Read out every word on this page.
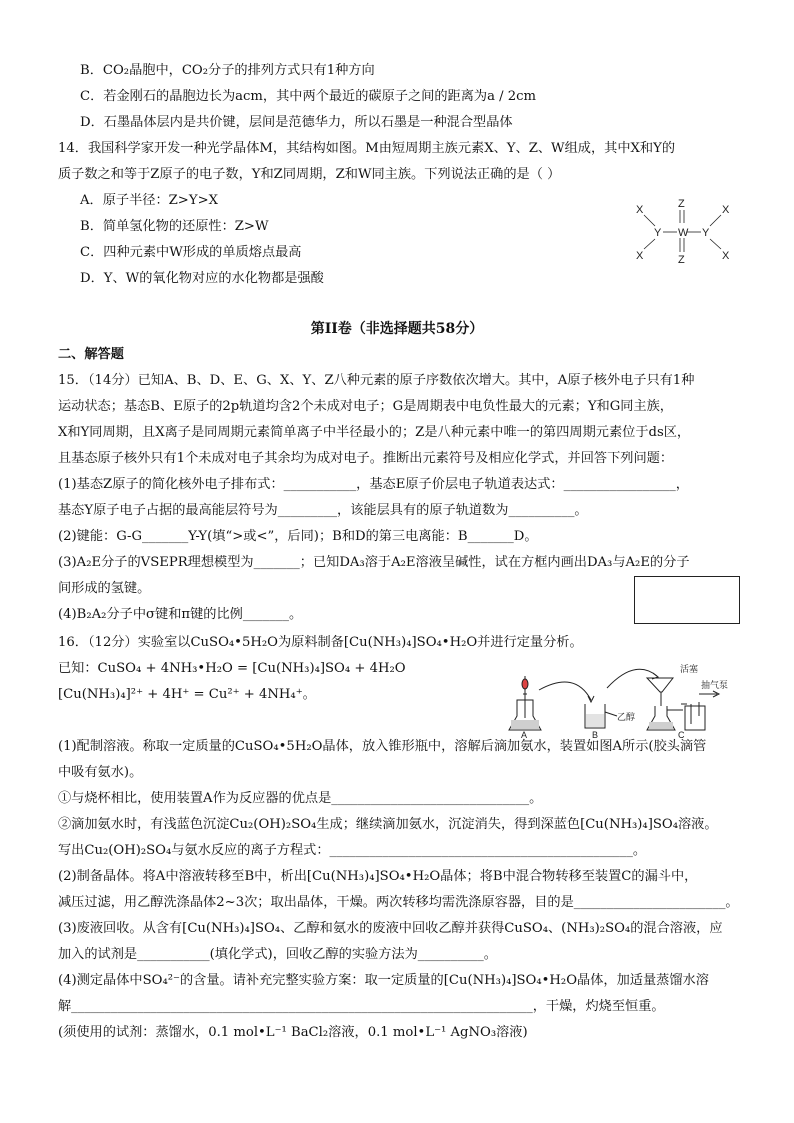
B．CO₂晶胞中，CO₂分子的排列方式只有1种方向
C．若金刚石的晶胞边长为acm，其中两个最近的碳原子之间的距离为a / 2cm
D．石墨晶体层内是共价键，层间是范德华力，所以石墨是一种混合型晶体
14．我国科学家开发一种光学晶体M，其结构如图。M由短周期主族元素X、Y、Z、W组成，其中X和Y的
质子数之和等于Z原子的电子数，Y和Z同周期，Z和W同主族。下列说法正确的是（ ）
A．原子半径：Z>Y>X
B．简单氢化物的还原性：Z>W
C．四种元素中W形成的单质熔点最高
D．Y、W的氧化物对应的水化物都是强酸
X
X
Y W Y
Z
Z
X
X
第II卷（非选择题共58分）
二、解答题
15．（14分）已知A、B、D、E、G、X、Y、Z八种元素的原子序数依次增大。其中，A原子核外电子只有1种
运动状态；基态B、E原子的2p轨道均含2个未成对电子；G是周期表中电负性最大的元素；Y和G同主族，
X和Y同周期，且X离子是同周期元素简单离子中半径最小的；Z是八种元素中唯一的第四周期元素位于ds区，
且基态原子核外只有1个未成对电子其余均为成对电子。推断出元素符号及相应化学式，并回答下列问题：
(1)基态Z原子的简化核外电子排布式：___________，基态E原子价层电子轨道表达式：_________________，
基态Y原子电子占据的最高能层符号为_________，该能层具有的原子轨道数为__________。
(2)键能：G-G_______Y-Y(填“>或<”，后同)；B和D的第三电离能：B_______D。
(3)A₂E分子的VSEPR理想模型为_______；已知DA₃溶于A₂E溶液呈碱性，试在方框内画出DA₃与A₂E的分子
间形成的氢键。
(4)B₂A₂分子中σ键和π键的比例_______。
16．（12分）实验室以CuSO₄•5H₂O为原料制备[Cu(NH₃)₄]SO₄•H₂O并进行定量分析。
已知：CuSO₄ + 4NH₃•H₂O = [Cu(NH₃)₄]SO₄ + 4H₂O
[Cu(NH₃)₄]²⁺ + 4H⁺ = Cu²⁺ + 4NH₄⁺。
A	B	C
乙醇
活塞
抽气泵
(1)配制溶液。称取一定质量的CuSO₄•5H₂O晶体，放入锥形瓶中，溶解后滴加氨水，装置如图A所示(胶头滴管
中吸有氨水)。
①与烧杯相比，使用装置A作为反应器的优点是______________________________。
②滴加氨水时，有浅蓝色沉淀Cu₂(OH)₂SO₄生成；继续滴加氨水，沉淀消失，得到深蓝色[Cu(NH₃)₄]SO₄溶液。
写出Cu₂(OH)₂SO₄与氨水反应的离子方程式：______________________________________________。
(2)制备晶体。将A中溶液转移至B中，析出[Cu(NH₃)₄]SO₄•H₂O晶体；将B中混合物转移至装置C的漏斗中，
减压过滤，用乙醇洗涤晶体2~3次；取出晶体，干燥。两次转移均需洗涤原容器，目的是_______________________。
(3)废液回收。从含有[Cu(NH₃)₄]SO₄、乙醇和氨水的废液中回收乙醇并获得CuSO₄、(NH₃)₂SO₄的混合溶液，应
加入的试剂是___________(填化学式)，回收乙醇的实验方法为__________。
(4)测定晶体中SO₄²⁻的含量。请补充完整实验方案：取一定质量的[Cu(NH₃)₄]SO₄•H₂O晶体，加适量蒸馏水溶
解______________________________________________________________________，干燥，灼烧至恒重。
(须使用的试剂：蒸馏水，0.1 mol•L⁻¹ BaCl₂溶液，0.1 mol•L⁻¹ AgNO₃溶液)
